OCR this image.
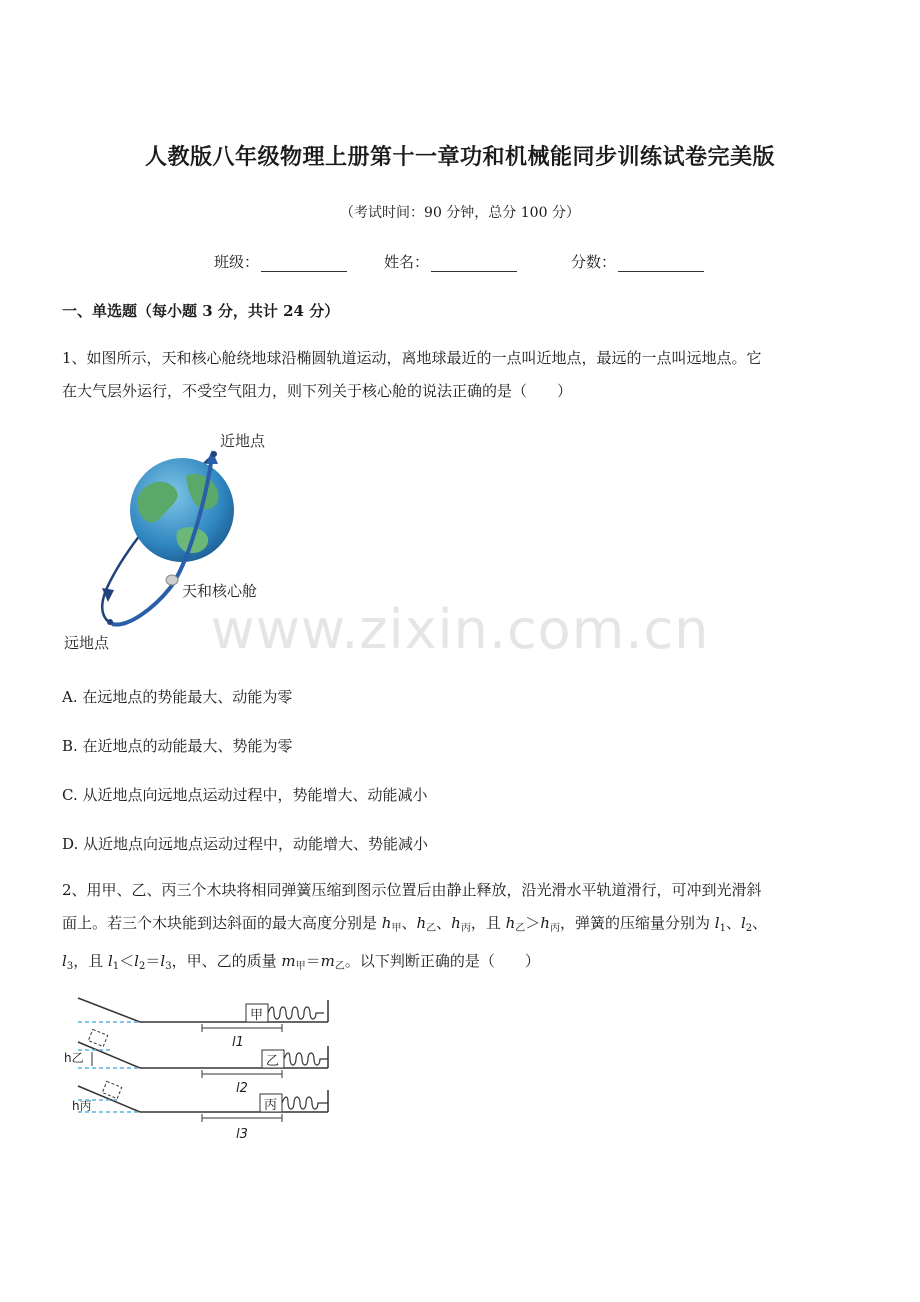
人教版八年级物理上册第十一章功和机械能同步训练试卷完美版
（考试时间：90 分钟，总分 100 分）
班级：	姓名：	分数：
一、单选题（每小题 3 分，共计 24 分）
1、如图所示，天和核心舱绕地球沿椭圆轨道运动，离地球最近的一点叫近地点，最远的一点叫远地点。它
在大气层外运行，不受空气阻力，则下列关于核心舱的说法正确的是（　　）
近地点
天和核心舱
远地点	www.zixin.com.cn
A. 在远地点的势能最大、动能为零
B. 在近地点的动能最大、势能为零
C. 从近地点向远地点运动过程中，势能增大、动能减小
D. 从近地点向远地点运动过程中，动能增大、势能减小
2、用甲、乙、丙三个木块将相同弹簧压缩到图示位置后由静止释放，沿光滑水平轨道滑行，可冲到光滑斜
面上。若三个木块能到达斜面的最大高度分别是 $h_甲$、$h_乙$、$h_丙$，且 $h_乙>h_丙$，弹簧的压缩量分别为 $l_1$、$l_2$、
$l_3$，且 $l_1<l_2=l_3$，甲、乙的质量 $m_甲=m_乙$。以下判断正确的是（　　）
甲
l1
h乙	乙
l2
h丙	丙
l3
